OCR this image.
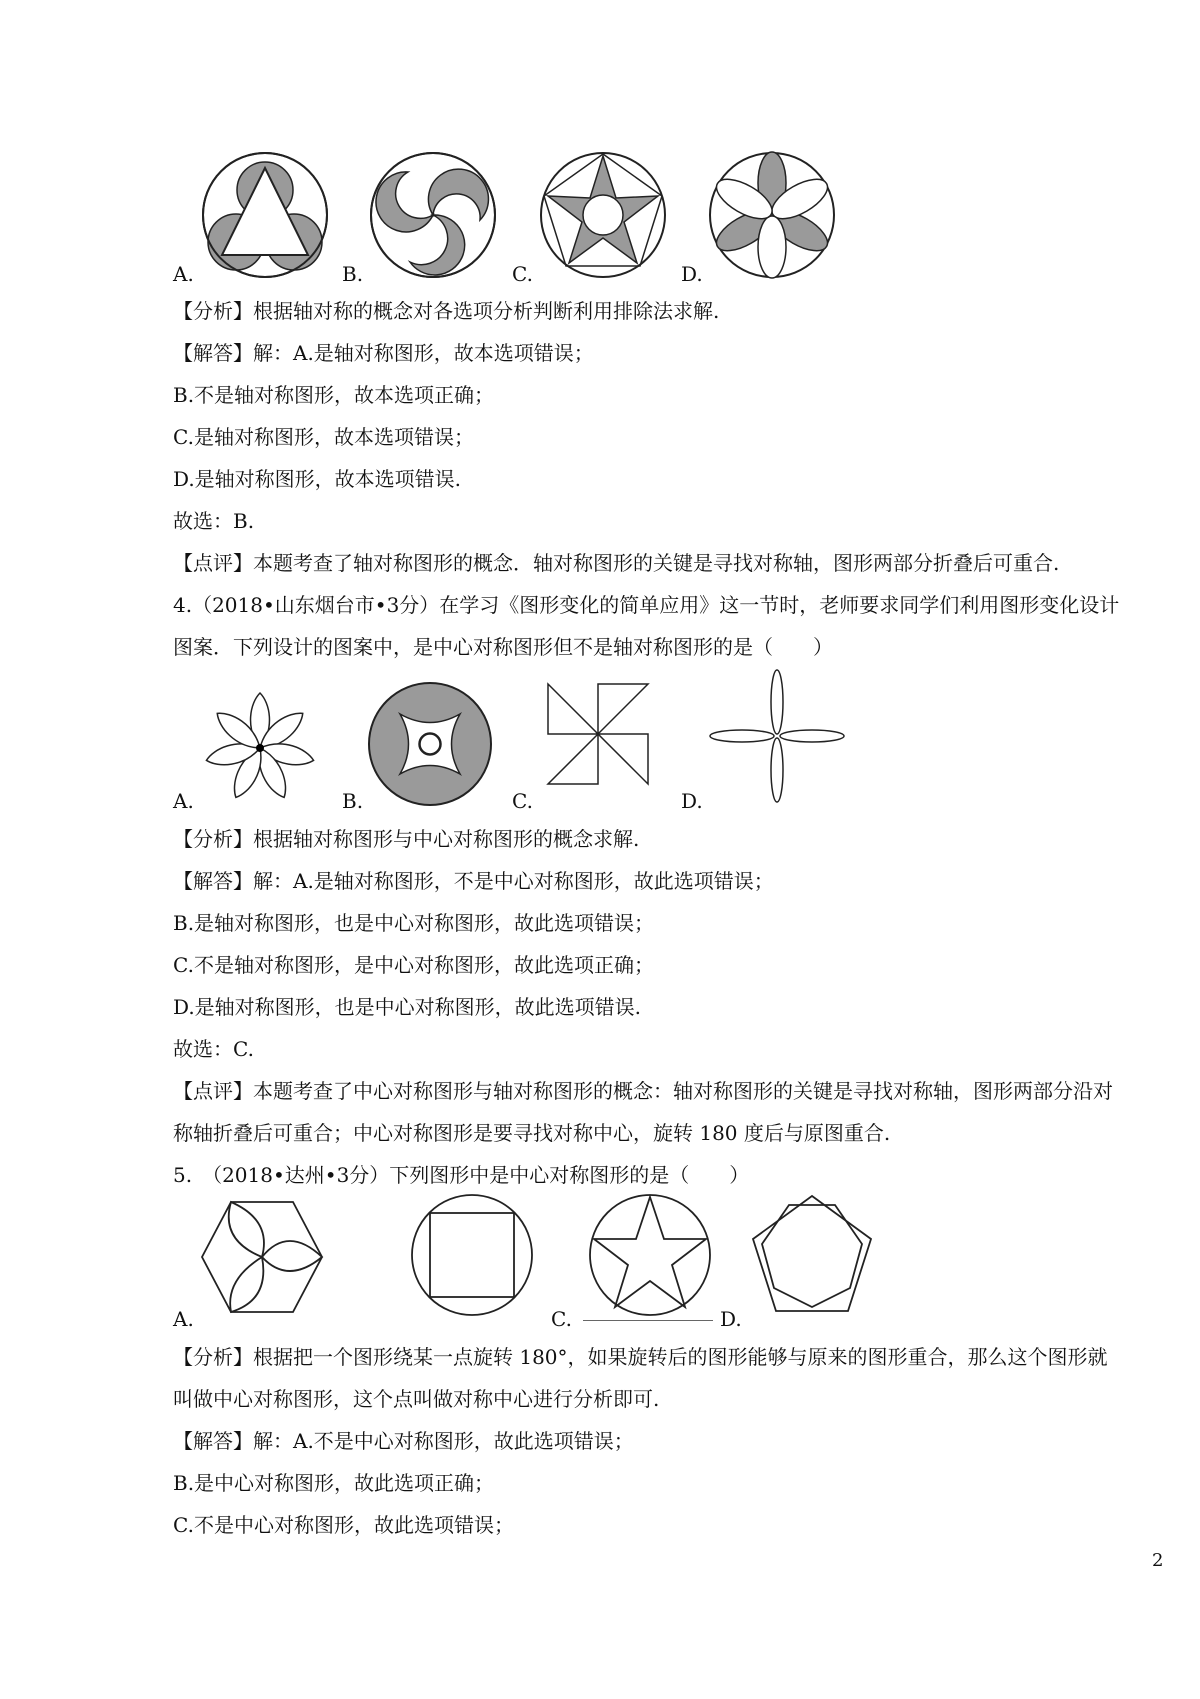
A.	B.	C.	D.
【分析】根据轴对称的概念对各选项分析判断利用排除法求解.
【解答】解：A.是轴对称图形，故本选项错误；
B.不是轴对称图形，故本选项正确；
C.是轴对称图形，故本选项错误；
D.是轴对称图形，故本选项错误.
故选：B.
【点评】本题考查了轴对称图形的概念．轴对称图形的关键是寻找对称轴，图形两部分折叠后可重合.
4.（2018•山东烟台市•3分）在学习《图形变化的简单应用》这一节时，老师要求同学们利用图形变化设计
图案．下列设计的图案中，是中心对称图形但不是轴对称图形的是（　　）
A.	B.	C.	D.
【分析】根据轴对称图形与中心对称图形的概念求解.
【解答】解：A.是轴对称图形，不是中心对称图形，故此选项错误；
B.是轴对称图形，也是中心对称图形，故此选项错误；
C.不是轴对称图形，是中心对称图形，故此选项正确；
D.是轴对称图形，也是中心对称图形，故此选项错误.
故选：C.
【点评】本题考查了中心对称图形与轴对称图形的概念：轴对称图形的关键是寻找对称轴，图形两部分沿对
称轴折叠后可重合；中心对称图形是要寻找对称中心，旋转 180 度后与原图重合.
5.　（2018•达州•3分）下列图形中是中心对称图形的是（　　）
A.	C.	D.
【分析】根据把一个图形绕某一点旋转 180°，如果旋转后的图形能够与原来的图形重合，那么这个图形就
叫做中心对称图形，这个点叫做对称中心进行分析即可.
【解答】解：A.不是中心对称图形，故此选项错误；
B.是中心对称图形，故此选项正确；
C.不是中心对称图形，故此选项错误；
2
